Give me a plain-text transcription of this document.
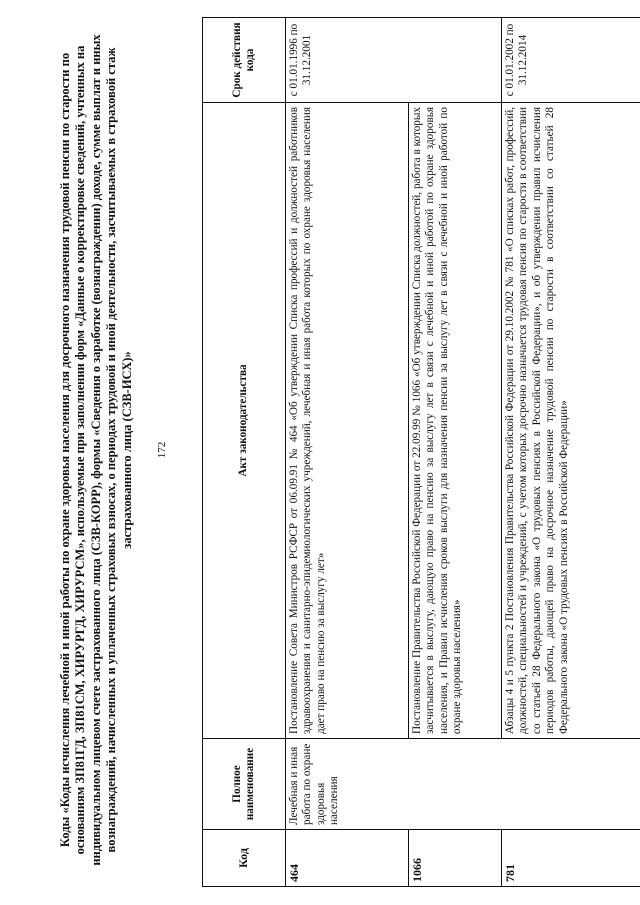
172
Коды «Коды исчисления лечебной и иной работы по охране здоровья населения для досрочного назначения трудовой пенсии по старости по основаниям ЗП81ГД, ЗП81СМ, ХИРУРГД, ХИРУРСМ», используемые при заполнении форм «Данные о корректировке сведений, учтенных на индивидуальном лицевом счете застрахованного лица (СЗВ-КОРР), формы «Сведения о заработке (вознаграждении) доходе, сумме выплат и иных вознаграждений, начисленных и уплаченных страховых взносах, о периодах трудовой и иной деятельности, засчитываемых в страховой стаж застрахованного лица (СЗВ-ИСХ)»
Код	Полное наименование	Акт законодательства	Срок действия кода
464	Лечебная и иная работа по охране здоровья населения	Постановление Совета Министров РСФСР от 06.09.91 № 464 «Об утверждении Списка профессий и должностей работников здравоохранения и санитарно-эпидемиологических учреждений, лечебная и иная работа которых по охране здоровья населения дает право на пенсию за выслугу лет»	с 01.01.1996 по 31.12.2001
1066		Постановление Правительства Российской Федерации от 22.09.99 № 1066 «Об утверждении Списка должностей, работа в которых засчитывается в выслугу, дающую право на пенсию за выслугу лет в связи с лечебной и иной работой по охране здоровья населения, и Правил исчисления сроков выслуги для назначения пенсии за выслугу лет в связи с лечебной и иной работой по охране здоровья населения»	
781		Абзацы 4 и 5 пункта 2 Постановления Правительства Российской Федерации от 29.10.2002 № 781 «О списках работ, профессий, должностей, специальностей и учреждений, с учетом которых досрочно назначается трудовая пенсия по старости в соответствии со статьей 28 Федерального закона «О трудовых пенсиях в Российской Федерации», и об утверждении правил исчисления периодов работы, дающей право на досрочное назначение трудовой пенсии по старости в соответствии со статьей 28 Федерального закона «О трудовых пенсиях в Российской Федерации»	с 01.01.2002 по 31.12.2014
